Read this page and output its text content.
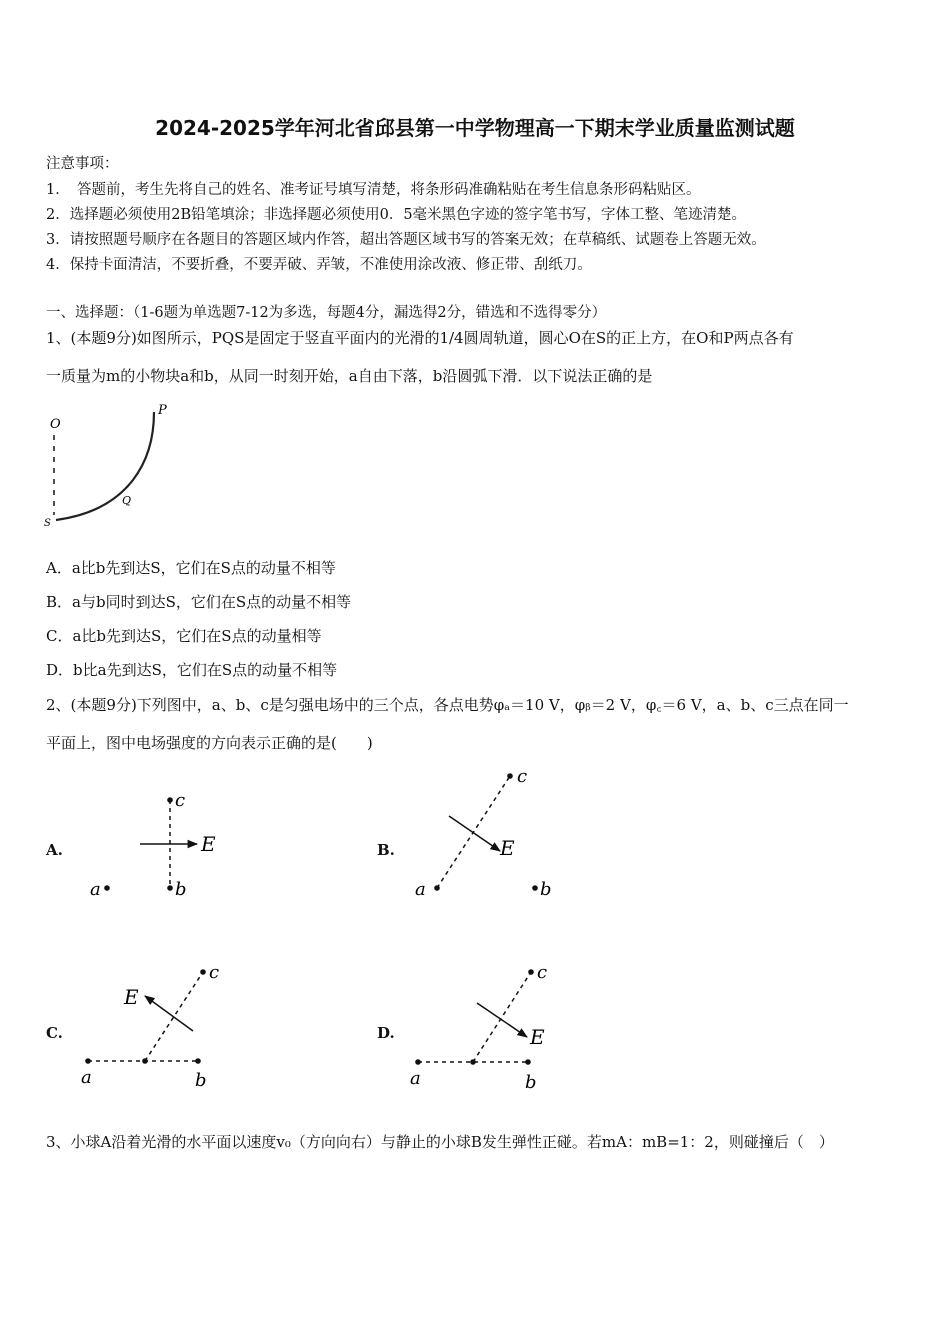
2024-2025学年河北省邱县第一中学物理高一下期末学业质量监测试题
注意事项：
1．　答题前，考生先将自己的姓名、准考证号填写清楚，将条形码准确粘贴在考生信息条形码粘贴区。
2．选择题必须使用2B铅笔填涂；非选择题必须使用0．5毫米黑色字迹的签字笔书写，字体工整、笔迹清楚。
3．请按照题号顺序在各题目的答题区域内作答，超出答题区域书写的答案无效；在草稿纸、试题卷上答题无效。
4．保持卡面清洁，不要折叠，不要弄破、弄皱，不准使用涂改液、修正带、刮纸刀。
一、选择题：（1-6题为单选题7-12为多选，每题4分，漏选得2分，错选和不选得零分）
1、(本题9分)如图所示，PQS是固定于竖直平面内的光滑的1/4圆周轨道，圆心O在S的正上方，在O和P两点各有
一质量为m的小物块a和b，从同一时刻开始，a自由下落，b沿圆弧下滑．以下说法正确的是
O
P
Q
S
A．a比b先到达S，它们在S点的动量不相等
B．a与b同时到达S，它们在S点的动量不相等
C．a比b先到达S，它们在S点的动量相等
D．b比a先到达S，它们在S点的动量不相等
2、(本题9分)下列图中，a、b、c是匀强电场中的三个点，各点电势φₐ＝10 V，φᵦ＝2 V，φ꜀＝6 V，a、b、c三点在同一
平面上，图中电场强度的方向表示正确的是(　　)
A.	B.
C.	D.
c
E
a	b
c
E
a	b
c
E
a	b
c
E
a	b
3、小球A沿着光滑的水平面以速度v₀（方向向右）与静止的小球B发生弹性正碰。若mA：mB=1：2，则碰撞后（　）
